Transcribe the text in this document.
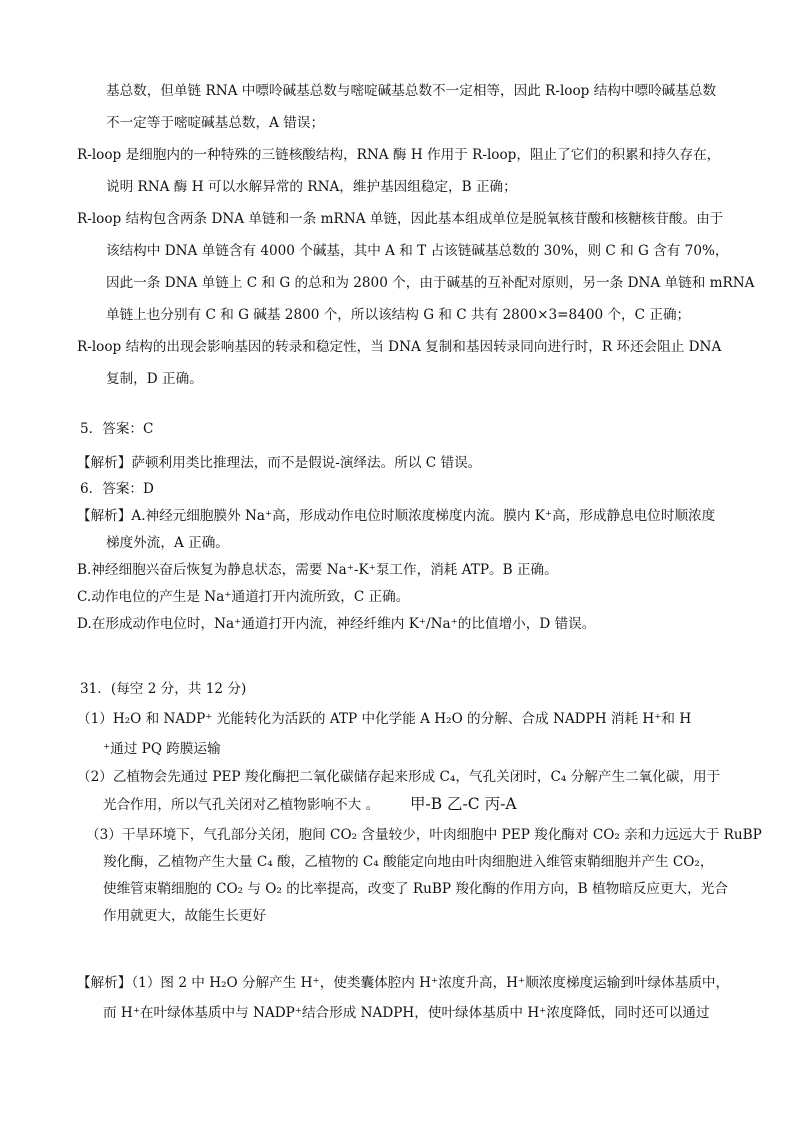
基总数，但单链 RNA 中嘌呤碱基总数与嘧啶碱基总数不一定相等，因此 R-loop 结构中嘌呤碱基总数
不一定等于嘧啶碱基总数，A 错误；
R-loop 是细胞内的一种特殊的三链核酸结构，RNA 酶 H 作用于 R-loop，阻止了它们的积累和持久存在，
说明 RNA 酶 H 可以水解异常的 RNA，维护基因组稳定，B 正确；
R-loop 结构包含两条 DNA 单链和一条 mRNA 单链，因此基本组成单位是脱氧核苷酸和核糖核苷酸。由于
该结构中 DNA 单链含有 4000 个碱基，其中 A 和 T 占该链碱基总数的 30%，则 C 和 G 含有 70%，
因此一条 DNA 单链上 C 和 G 的总和为 2800 个，由于碱基的互补配对原则，另一条 DNA 单链和 mRNA
单链上也分别有 C 和 G 碱基 2800 个，所以该结构 G 和 C 共有 2800×3=8400 个，C 正确；
R-loop 结构的出现会影响基因的转录和稳定性，当 DNA 复制和基因转录同向进行时，R 环还会阻止 DNA
复制，D 正确。
5．答案：C
【解析】萨顿利用类比推理法，而不是假说-演绎法。所以 C 错误。
6．答案：D
【解析】A.神经元细胞膜外 Na⁺高，形成动作电位时顺浓度梯度内流。膜内 K⁺高，形成静息电位时顺浓度
梯度外流，A 正确。
B.神经细胞兴奋后恢复为静息状态，需要 Na⁺-K⁺泵工作，消耗 ATP。B 正确。
C.动作电位的产生是 Na⁺通道打开内流所致，C 正确。
D.在形成动作电位时，Na⁺通道打开内流，神经纤维内 K⁺/Na⁺的比值增小，D 错误。
31．(每空 2 分，共 12 分)
（1）H₂O 和 NADP⁺ 光能转化为活跃的 ATP 中化学能 A H₂O 的分解、合成 NADPH 消耗 H⁺和 H
⁺通过 PQ 跨膜运输
（2）乙植物会先通过 PEP 羧化酶把二氧化碳储存起来形成 C₄，气孔关闭时，C₄ 分解产生二氧化碳，用于
光合作用，所以气孔关闭对乙植物影响不大 。 甲-B 乙-C 丙-A
（3）干旱环境下，气孔部分关闭，胞间 CO₂ 含量较少，叶肉细胞中 PEP 羧化酶对 CO₂ 亲和力远远大于 RuBP
羧化酶，乙植物产生大量 C₄ 酸，乙植物的 C₄ 酸能定向地由叶肉细胞进入维管束鞘细胞并产生 CO₂，
使维管束鞘细胞的 CO₂ 与 O₂ 的比率提高，改变了 RuBP 羧化酶的作用方向，B 植物暗反应更大，光合
作用就更大，故能生长更好
【解析】（1）图 2 中 H₂O 分解产生 H⁺，使类囊体腔内 H⁺浓度升高，H⁺顺浓度梯度运输到叶绿体基质中，
而 H⁺在叶绿体基质中与 NADP⁺结合形成 NADPH，使叶绿体基质中 H⁺浓度降低，同时还可以通过
